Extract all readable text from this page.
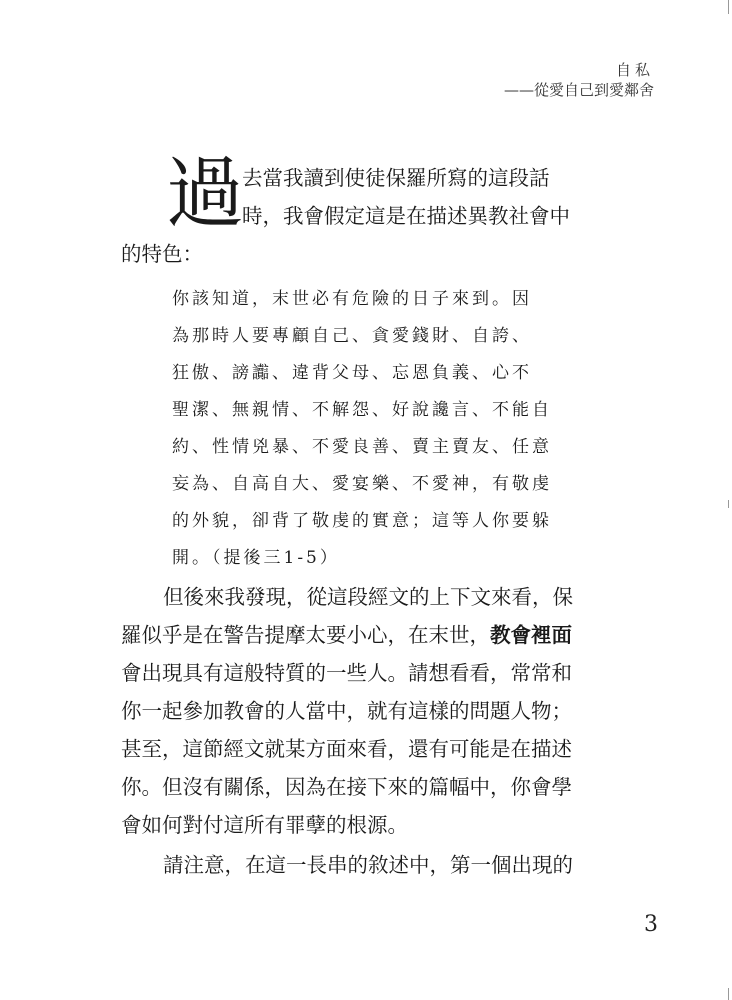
自私
——從愛自己到愛鄰舍
過

去當我讀到使徒保羅所寫的這段話
時，我會假定這是在描述異教社會中

的特色：

你該知道，末世必有危險的日子來到。因
為那時人要專顧自己、貪愛錢財、自誇、
狂傲、謗讟、違背父母、忘恩負義、心不
聖潔、無親情、不解怨、好說讒言、不能自
約、性情兇暴、不愛良善、賣主賣友、任意
妄為、自高自大、愛宴樂、不愛神，有敬虔
的外貌，卻背了敬虔的實意；這等人你要躲
開。（提後三1-5）

但後來我發現，從這段經文的上下文來看，保
羅似乎是在警告提摩太要小心，在末世，教會裡面
會出現具有這般特質的一些人。請想看看，常常和
你一起參加教會的人當中，就有這樣的問題人物；
甚至，這節經文就某方面來看，還有可能是在描述
你。但沒有關係，因為在接下來的篇幅中，你會學
會如何對付這所有罪孽的根源。

請注意，在這一長串的敘述中，第一個出現的

3
